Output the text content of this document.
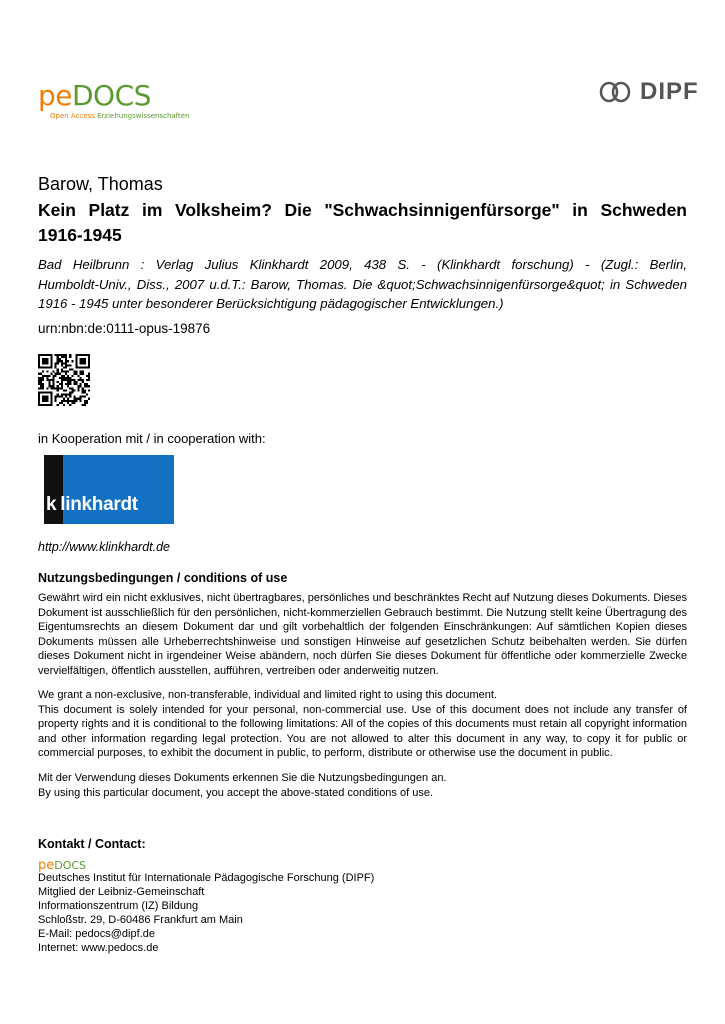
peDOCS
Open Access Erziehungswissenschaften
DIPF
Barow, Thomas
Kein Platz im Volksheim? Die "Schwachsinnigenfürsorge" in Schweden
1916-1945
Bad Heilbrunn : Verlag Julius Klinkhardt 2009, 438 S. - (Klinkhardt forschung) - (Zugl.: Berlin,
Humboldt-Univ., Diss., 2007 u.d.T.: Barow, Thomas. Die &quot;Schwachsinnigenfürsorge&quot; in Schweden
1916 - 1945 unter besonderer Berücksichtigung pädagogischer Entwicklungen.)
urn:nbn:de:0111-opus-19876
in Kooperation mit / in cooperation with:
k linkhardt
http://www.klinkhardt.de
Nutzungsbedingungen / conditions of use
Gewährt wird ein nicht exklusives, nicht übertragbares, persönliches und beschränktes Recht auf Nutzung dieses Dokuments. Dieses
Dokument ist ausschließlich für den persönlichen, nicht-kommerziellen Gebrauch bestimmt. Die Nutzung stellt keine Übertragung des
Eigentumsrechts an diesem Dokument dar und gilt vorbehaltlich der folgenden Einschränkungen: Auf sämtlichen Kopien dieses
Dokuments müssen alle Urheberrechtshinweise und sonstigen Hinweise auf gesetzlichen Schutz beibehalten werden. Sie dürfen
dieses Dokument nicht in irgendeiner Weise abändern, noch dürfen Sie dieses Dokument für öffentliche oder kommerzielle Zwecke
vervielfältigen, öffentlich ausstellen, aufführen, vertreiben oder anderweitig nutzen.
We grant a non-exclusive, non-transferable, individual and limited right to using this document.
This document is solely intended for your personal, non-commercial use. Use of this document does not include any transfer of
property rights and it is conditional to the following limitations: All of the copies of this documents must retain all copyright information
and other information regarding legal protection. You are not allowed to alter this document in any way, to copy it for public or
commercial purposes, to exhibit the document in public, to perform, distribute or otherwise use the document in public.
Mit der Verwendung dieses Dokuments erkennen Sie die Nutzungsbedingungen an.
By using this particular document, you accept the above-stated conditions of use.
Kontakt / Contact:
peDOCS
Deutsches Institut für Internationale Pädagogische Forschung (DIPF)
Mitglied der Leibniz-Gemeinschaft
Informationszentrum (IZ) Bildung
Schloßstr. 29, D-60486 Frankfurt am Main
E-Mail: pedocs@dipf.de
Internet: www.pedocs.de
